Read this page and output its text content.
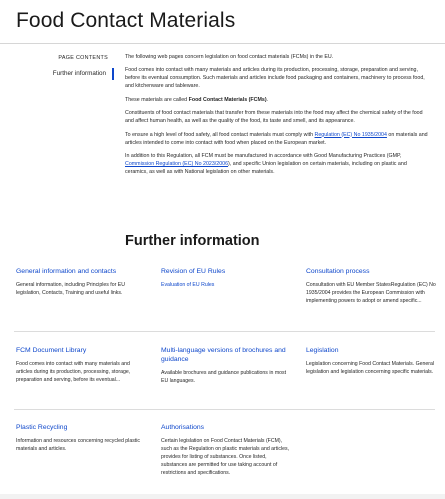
Food Contact Materials
PAGE CONTENTS
Further information

The following web pages concern legislation on food contact materials (FCMs) in the EU.

Food comes into contact with many materials and articles during its production, processing, storage, preparation and serving, before its eventual consumption. Such materials and articles include food packaging and containers, machinery to process food, and kitchenware and tableware.

These materials are called Food Contact Materials (FCMs).

Constituents of food contact materials that transfer from these materials into the food may affect the chemical safety of the food and affect human health, as well as the quality of the food, its taste and smell, and its appearance.

To ensure a high level of food safety, all food contact materials must comply with Regulation (EC) No 1935/2004 on materials and articles intended to come into contact with food when placed on the European market.

In addition to this Regulation, all FCM must be manufactured in accordance with Good Manufacturing Practices (GMP, Commission Regulation (EC) No 2023/2006), and specific Union legislation on certain materials, including on plastic and ceramics, as well as with National legislation on other materials.

Further information
General information and contacts
General information, including Principles for EU legislation, Contacts, Training and useful links.
Revision of EU Rules
Evaluation of EU Rules
Consultation process
Consultation with EU Member StatesRegulation (EC) No 1935/2004 provides the European Commission with implementing powers to adopt or amend specific...
FCM Document Library
Food comes into contact with many materials and articles during its production, processing, storage, preparation and serving, before its eventual...
Multi-language versions of brochures and guidance
Available brochures and guidance publications in most EU languages.
Legislation
Legislation concerning Food Contact Materials. General legislation and legislation concerning specific materials.
Plastic Recycling
Information and resources concerning recycled plastic materials and articles.
Authorisations
Certain legislation on Food Contact Materials (FCM), such as the Regulation on plastic materials and articles, provides for listing of substances. Once listed, substances are permitted for use taking account of restrictions and specifications.
